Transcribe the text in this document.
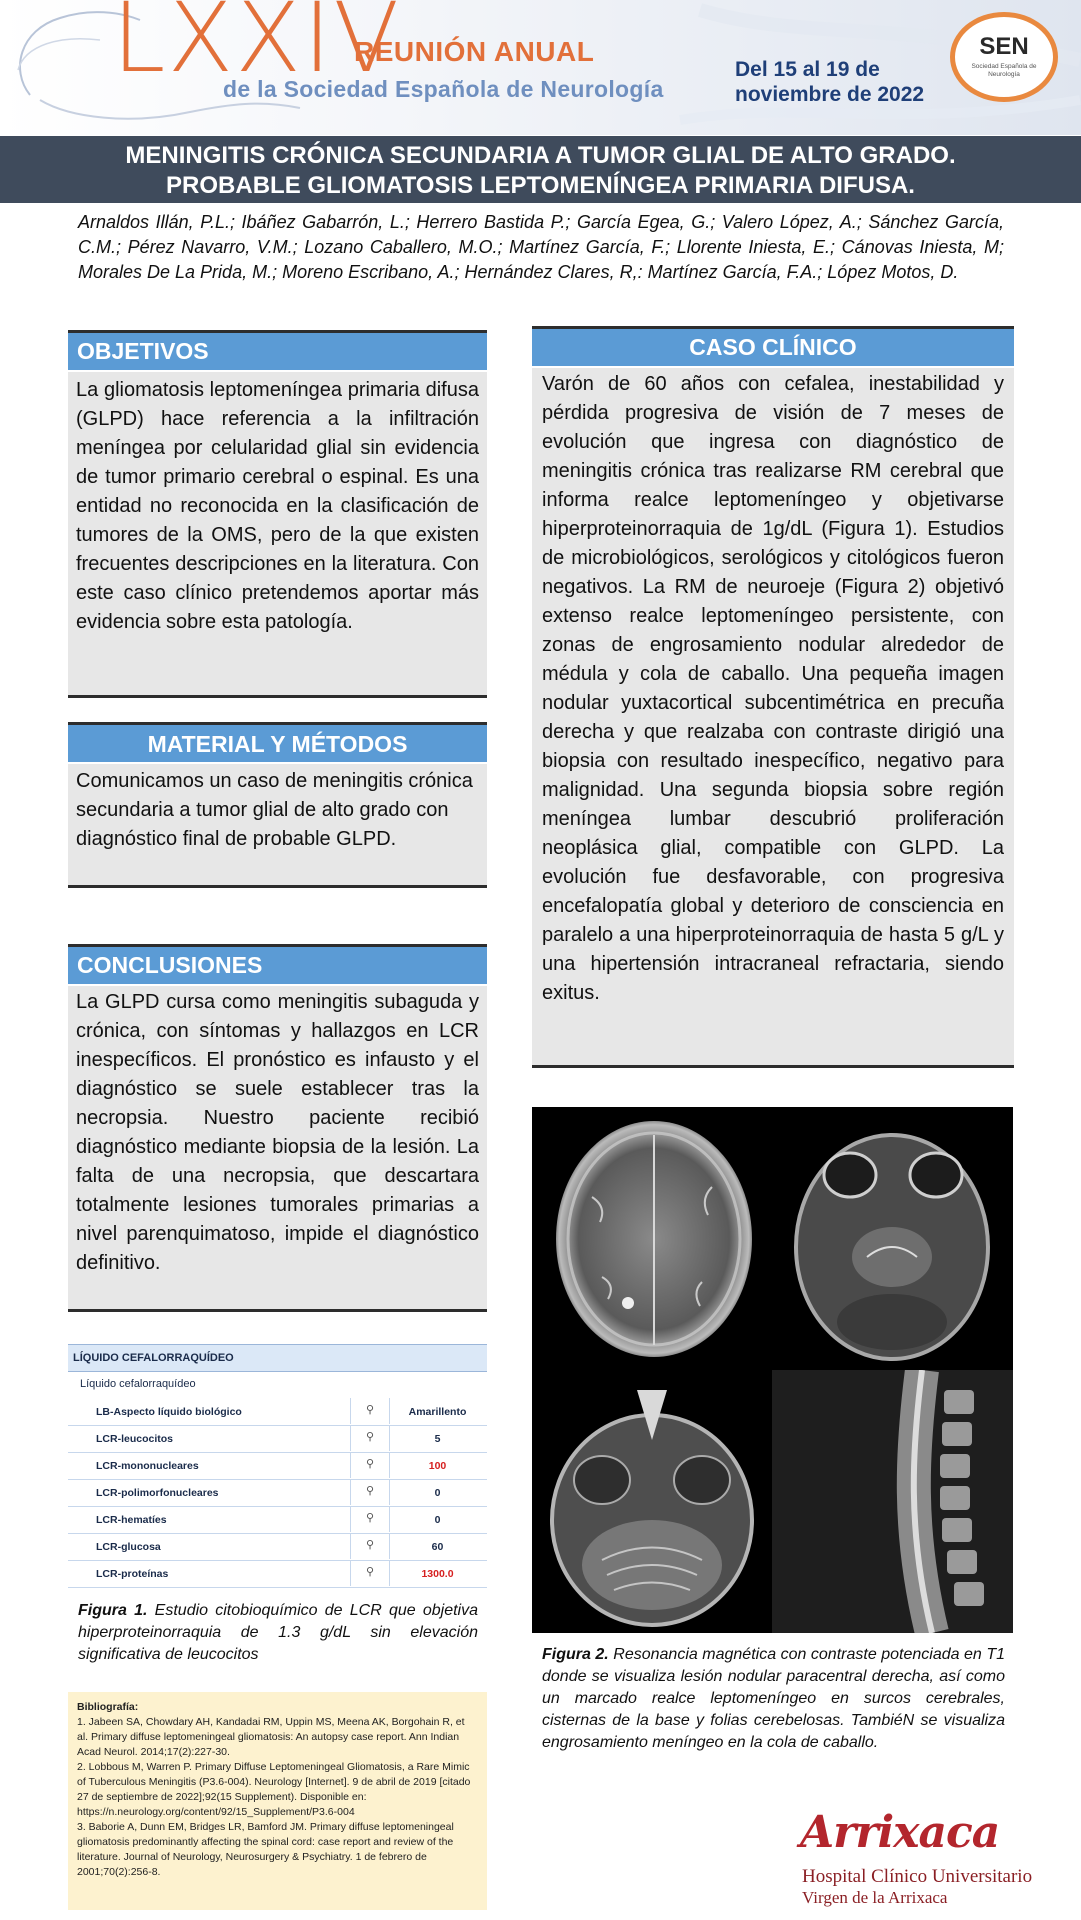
LXXIV
REUNIÓN ANUAL
de la Sociedad Española de Neurología
Del 15 al 19 de
noviembre de 2022
SEN
Sociedad Española de Neurología
MENINGITIS CRÓNICA SECUNDARIA A TUMOR GLIAL DE ALTO GRADO.
PROBABLE GLIOMATOSIS LEPTOMENÍNGEA PRIMARIA DIFUSA.
Arnaldos Illán, P.L.; Ibáñez Gabarrón, L.; Herrero Bastida P.; García Egea, G.; Valero López, A.; Sánchez García, C.M.; Pérez Navarro, V.M.; Lozano Caballero, M.O.; Martínez García, F.; Llorente Iniesta, E.; Cánovas Iniesta, M; Morales De La Prida, M.; Moreno Escribano, A.; Hernández Clares, R,: Martínez García, F.A.; López Motos, D.
OBJETIVOS
La gliomatosis leptomeníngea primaria difusa (GLPD) hace referencia a la infiltración meníngea por celularidad glial sin evidencia de tumor primario cerebral o espinal. Es una entidad no reconocida en la clasificación de tumores de la OMS, pero de la que existen frecuentes descripciones en la literatura. Con este caso clínico pretendemos aportar más evidencia sobre esta patología.
MATERIAL Y MÉTODOS
Comunicamos un caso de meningitis crónica secundaria a tumor glial de alto grado con diagnóstico final de probable GLPD.
CONCLUSIONES
La GLPD cursa como meningitis subaguda y crónica, con síntomas y hallazgos en LCR inespecíficos. El pronóstico es infausto y el diagnóstico se suele establecer tras la necropsia. Nuestro paciente recibió diagnóstico mediante biopsia de la lesión. La falta de una necropsia, que descartara totalmente lesiones tumorales primarias a nivel parenquimatoso, impide el diagnóstico definitivo.
LÍQUIDO CEFALORRAQUÍDEO
Líquido cefalorraquídeo
LB-Aspecto líquido biológico	⚲	Amarillento
LCR-leucocitos	⚲	5
LCR-mononucleares	⚲	100
LCR-polimorfonucleares	⚲	0
LCR-hematíes	⚲	0
LCR-glucosa	⚲	60
LCR-proteínas	⚲	1300.0
Figura 1. Estudio citobioquímico de LCR que objetiva hiperproteinorraquia de 1.3 g/dL sin elevación significativa de leucocitos
Bibliografía:
1. Jabeen SA, Chowdary AH, Kandadai RM, Uppin MS, Meena AK, Borgohain R, et al. Primary diffuse leptomeningeal gliomatosis: An autopsy case report. Ann Indian Acad Neurol. 2014;17(2):227-30.
2. Lobbous M, Warren P. Primary Diffuse Leptomeningeal Gliomatosis, a Rare Mimic of Tuberculous Meningitis (P3.6-004). Neurology [Internet]. 9 de abril de 2019 [citado 27 de septiembre de 2022];92(15 Supplement). Disponible en: https://n.neurology.org/content/92/15_Supplement/P3.6-004
3. Baborie A, Dunn EM, Bridges LR, Bamford JM. Primary diffuse leptomeningeal gliomatosis predominantly affecting the spinal cord: case report and review of the literature. Journal of Neurology, Neurosurgery & Psychiatry. 1 de febrero de 2001;70(2):256-8.
CASO CLÍNICO
Varón de 60 años con cefalea, inestabilidad y pérdida progresiva de visión de 7 meses de evolución que ingresa con diagnóstico de meningitis crónica tras realizarse RM cerebral que informa realce leptomeníngeo y objetivarse hiperproteinorraquia de 1g/dL (Figura 1). Estudios de microbiológicos, serológicos y citológicos fueron negativos. La RM de neuroeje (Figura 2) objetivó extenso realce leptomeníngeo persistente, con zonas de engrosamiento nodular alrededor de médula y cola de caballo. Una pequeña imagen nodular yuxtacortical subcentimétrica en precuña derecha y que realzaba con contraste dirigió una biopsia con resultado inespecífico, negativo para malignidad. Una segunda biopsia sobre región meníngea lumbar descubrió proliferación neoplásica glial, compatible con GLPD. La evolución fue desfavorable, con progresiva encefalopatía global y deterioro de consciencia en paralelo a una hiperproteinorraquia de hasta 5 g/L y una hipertensión intracraneal refractaria, siendo exitus.
Figura 2. Resonancia magnética con contraste potenciada en T1 donde se visualiza lesión nodular paracentral derecha, así como un marcado realce leptomeníngeo en surcos cerebrales, cisternas de la base y folias cerebelosas. TambiéN se visualiza engrosamiento meníngeo en la cola de caballo.
Arrixaca
Hospital Clínico Universitario
Virgen de la Arrixaca
